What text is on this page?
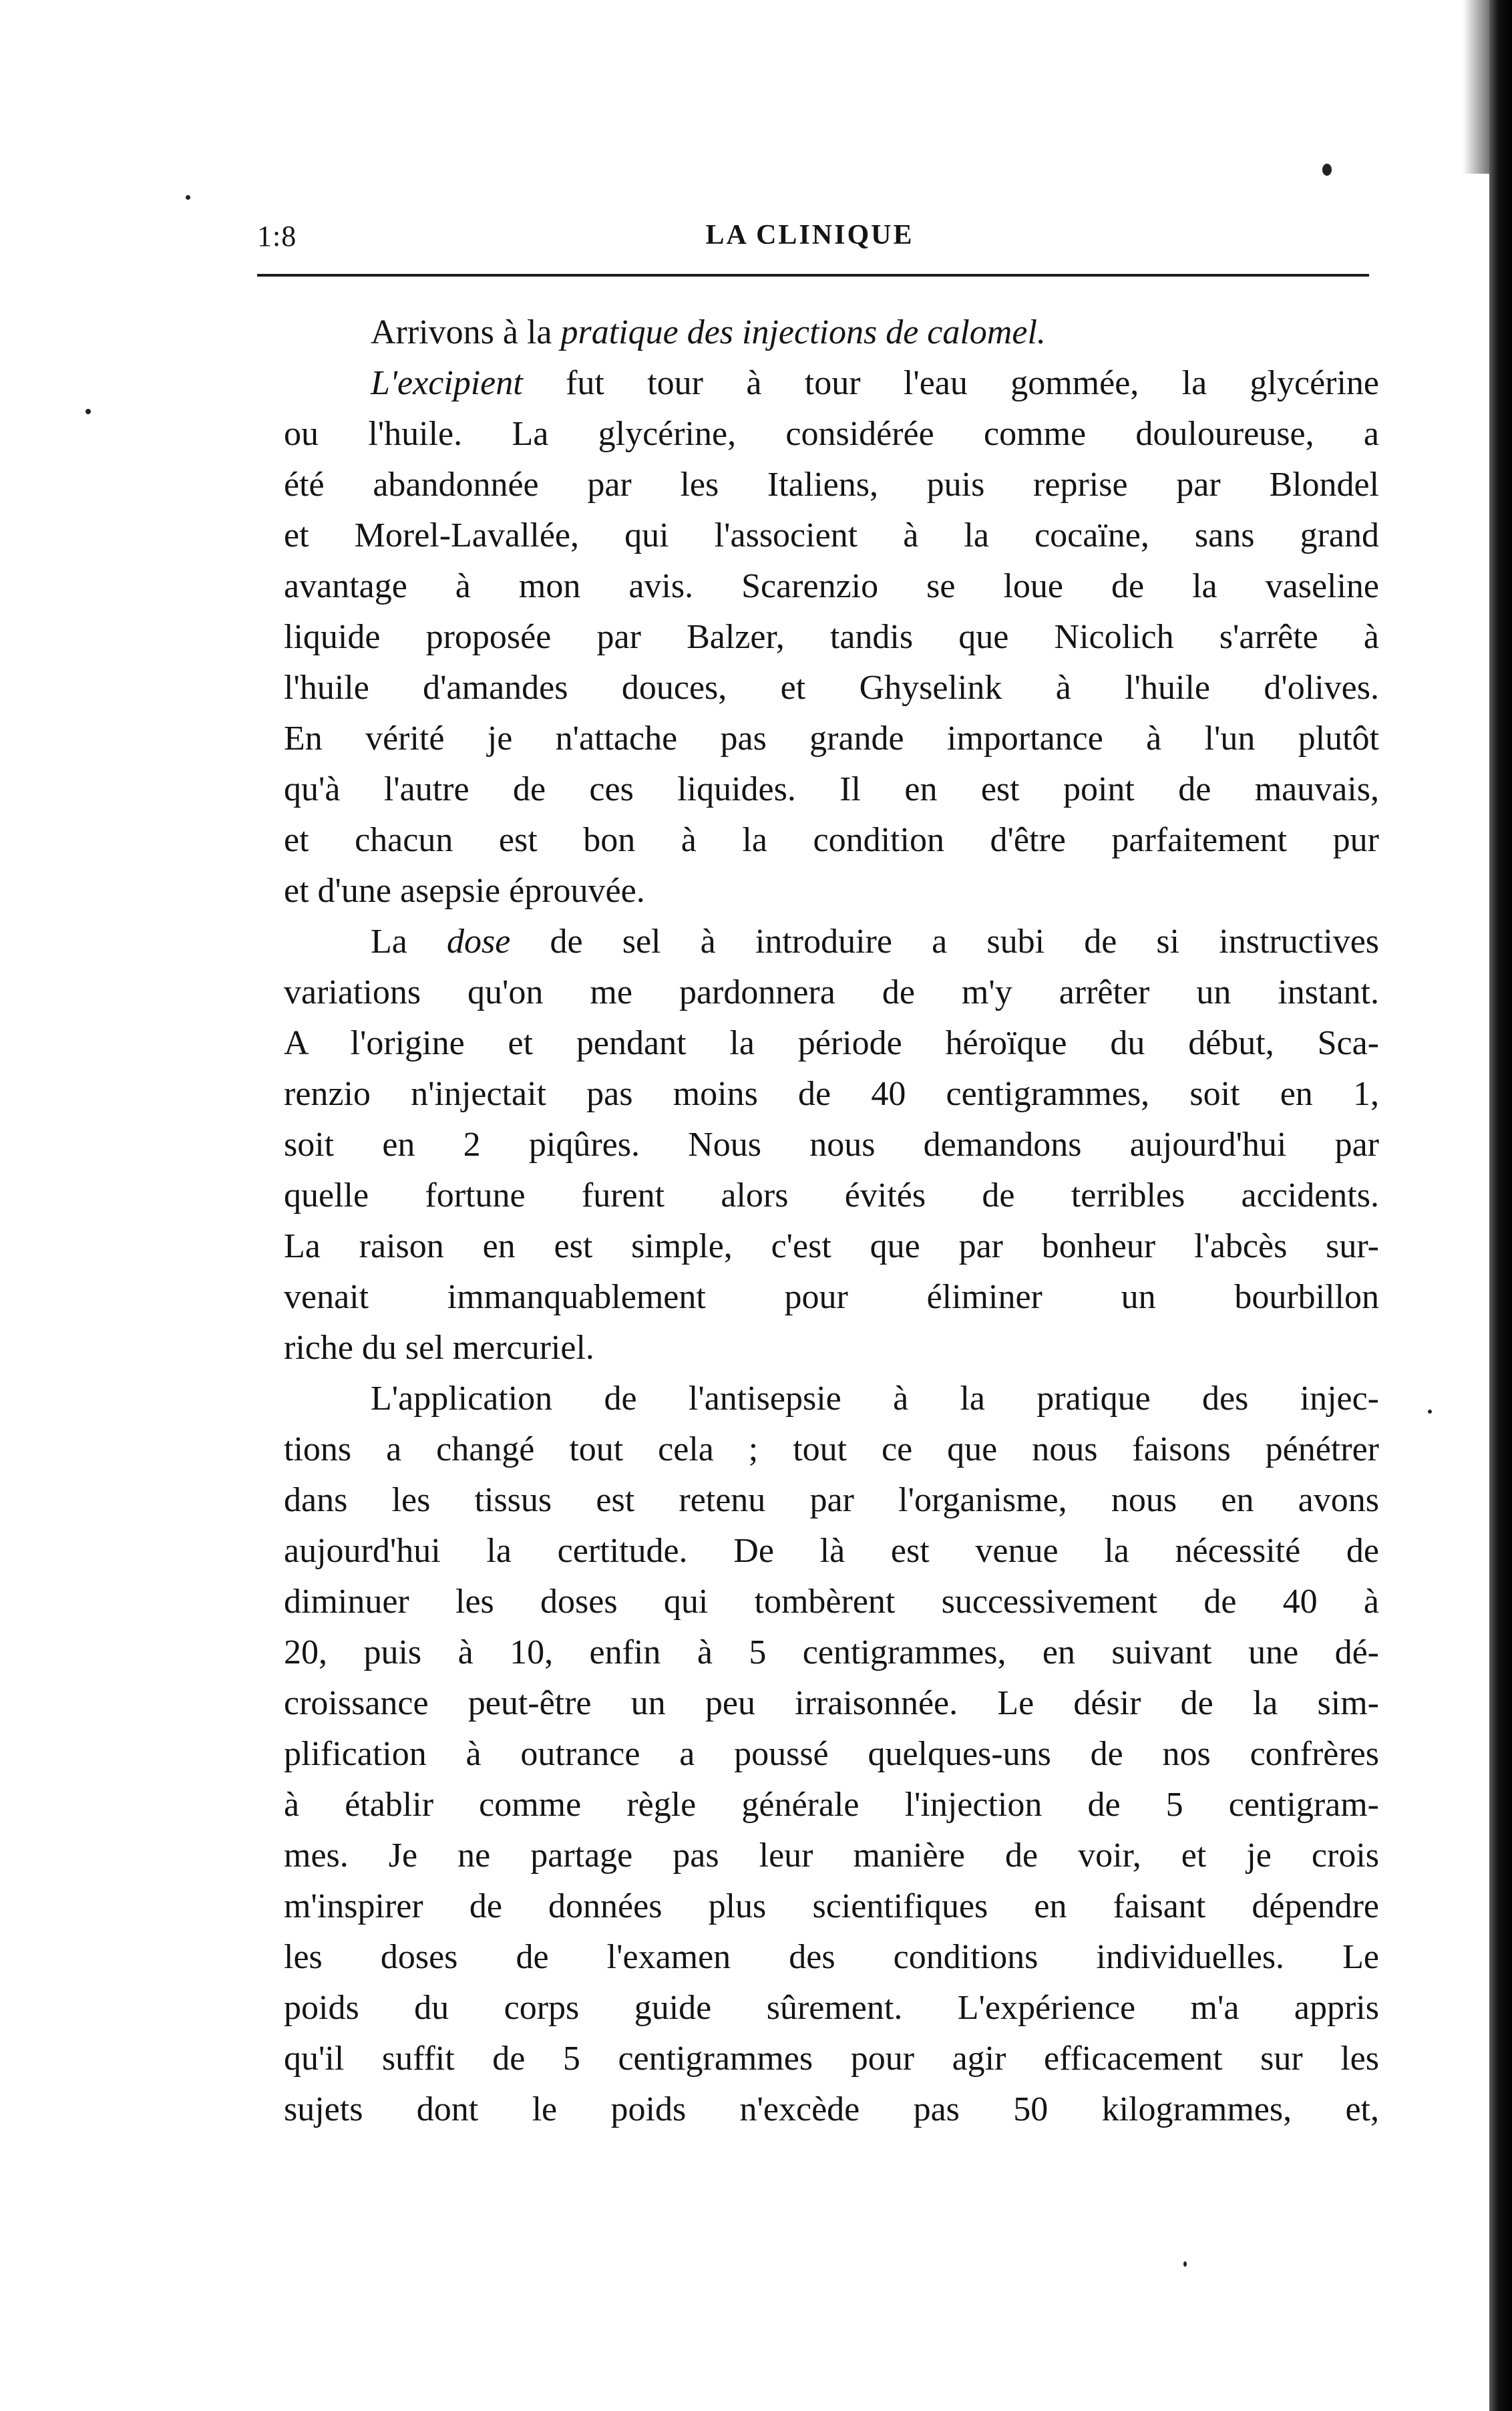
1:8	LA CLINIQUE
Arrivons à la pratique des injections de calomel.
L'excipient fut tour à tour l'eau gommée, la glycérine
ou l'huile. La glycérine, considérée comme douloureuse, a
été abandonnée par les Italiens, puis reprise par Blondel
et Morel-Lavallée, qui l'associent à la cocaïne, sans grand
avantage à mon avis. Scarenzio se loue de la vaseline
liquide proposée par Balzer, tandis que Nicolich s'arrête à
l'huile d'amandes douces, et Ghyselink à l'huile d'olives.
En vérité je n'attache pas grande importance à l'un plutôt
qu'à l'autre de ces liquides. Il en est point de mauvais,
et chacun est bon à la condition d'être parfaitement pur
et d'une asepsie éprouvée.
La dose de sel à introduire a subi de si instructives
variations qu'on me pardonnera de m'y arrêter un instant.
A l'origine et pendant la période héroïque du début, Sca-
renzio n'injectait pas moins de 40 centigrammes, soit en 1,
soit en 2 piqûres. Nous nous demandons aujourd'hui par
quelle fortune furent alors évités de terribles accidents.
La raison en est simple, c'est que par bonheur l'abcès sur-
venait immanquablement pour éliminer un bourbillon
riche du sel mercuriel.
L'application de l'antisepsie à la pratique des injec-
tions a changé tout cela ; tout ce que nous faisons pénétrer
dans les tissus est retenu par l'organisme, nous en avons
aujourd'hui la certitude. De là est venue la nécessité de
diminuer les doses qui tombèrent successivement de 40 à
20, puis à 10, enfin à 5 centigrammes, en suivant une dé-
croissance peut-être un peu irraisonnée. Le désir de la sim-
plification à outrance a poussé quelques-uns de nos confrères
à établir comme règle générale l'injection de 5 centigram-
mes. Je ne partage pas leur manière de voir, et je crois
m'inspirer de données plus scientifiques en faisant dépendre
les doses de l'examen des conditions individuelles. Le
poids du corps guide sûrement. L'expérience m'a appris
qu'il suffit de 5 centigrammes pour agir efficacement sur les
sujets dont le poids n'excède pas 50 kilogrammes, et,
